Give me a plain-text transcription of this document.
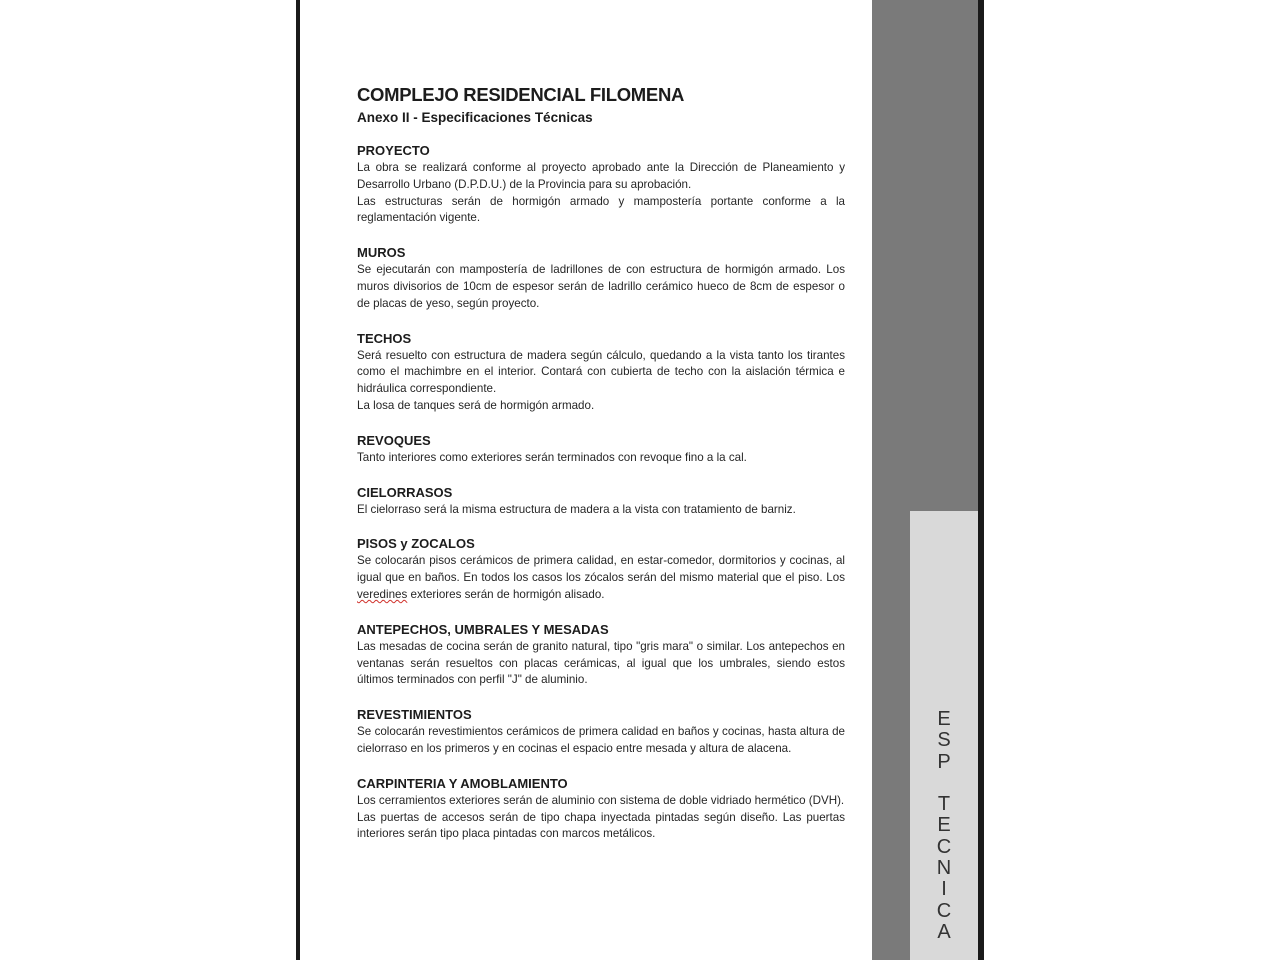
E
S
P

T
E
C
N
I
C
A
COMPLEJO RESIDENCIAL FILOMENA
Anexo II - Especificaciones Técnicas
PROYECTO

La obra se realizará conforme al proyecto aprobado ante la Dirección de Planeamiento y Desarrollo Urbano (D.P.D.U.) de la Provincia para su aprobación.

Las estructuras serán de hormigón armado y mampostería portante conforme a la reglamentación vigente.

MUROS

Se ejecutarán con mampostería de ladrillones de con estructura de hormigón armado. Los muros divisorios de 10cm de espesor serán de ladrillo cerámico hueco de 8cm de espesor o de placas de yeso, según proyecto.

TECHOS

Será resuelto con estructura de madera según cálculo, quedando a la vista tanto los tirantes como el machimbre en el interior. Contará con cubierta de techo con la aislación térmica e hidráulica correspondiente.

La losa de tanques será de hormigón armado.

REVOQUES

Tanto interiores como exteriores serán terminados con revoque fino a la cal.

CIELORRASOS

El cielorraso será la misma estructura de madera a la vista con tratamiento de barniz.

PISOS y ZOCALOS

Se colocarán pisos cerámicos de primera calidad, en estar-comedor, dormitorios y cocinas, al igual que en baños. En todos los casos los zócalos serán del mismo material que el piso. Los veredines exteriores serán de hormigón alisado.

ANTEPECHOS, UMBRALES Y MESADAS

Las mesadas de cocina serán de granito natural, tipo "gris mara" o similar. Los antepechos en ventanas serán resueltos con placas cerámicas, al igual que los umbrales, siendo estos últimos terminados con perfil "J" de aluminio.

REVESTIMIENTOS

Se colocarán revestimientos cerámicos de primera calidad en baños y cocinas, hasta altura de cielorraso en los primeros y en cocinas el espacio entre mesada y altura de alacena.

CARPINTERIA Y AMOBLAMIENTO

Los cerramientos exteriores serán de aluminio con sistema de doble vidriado hermético (DVH).

Las puertas de accesos serán de tipo chapa inyectada pintadas según diseño. Las puertas interiores serán tipo placa pintadas con marcos metálicos.
